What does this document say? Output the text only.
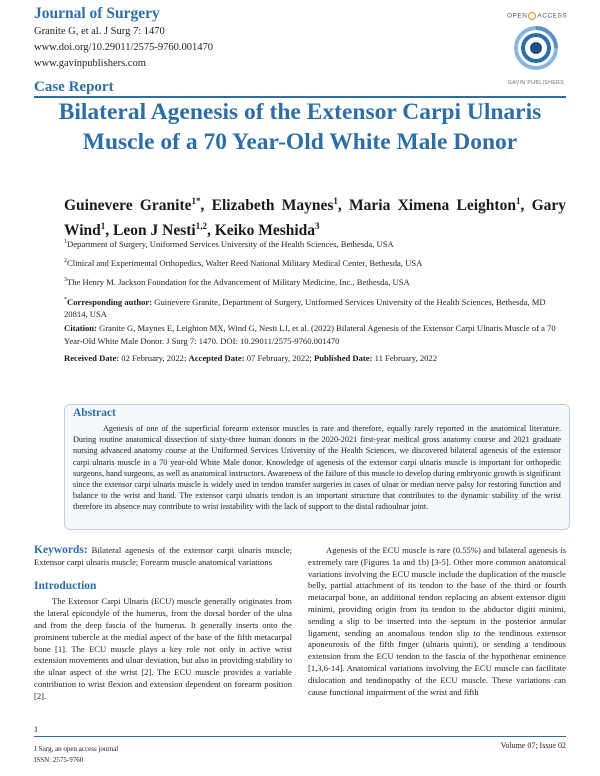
Journal of Surgery
Granite G, et al. J Surg 7: 1470
www.doi.org/10.29011/2575-9760.001470
www.gavinpublishers.com
Case Report
OPEN ACCESS
GAVIN PUBLISHERS
Bilateral Agenesis of the Extensor Carpi Ulnaris Muscle of a 70 Year-Old White Male Donor
Guinevere Granite$^{1*}$, Elizabeth Maynes$^1$, Maria Ximena Leighton$^1$, Gary Wind$^1$, Leon J Nesti$^{1,2}$, Keiko Meshida$^3$
$^1$Department of Surgery, Uniformed Services University of the Health Sciences, Bethesda, USA
$^2$Clinical and Experimental Orthopedics, Walter Reed National Military Medical Center, Bethesda, USA
$^3$The Henry M. Jackson Foundation for the Advancement of Military Medicine, Inc., Bethesda, USA
*Corresponding author: Guinevere Granite, Department of Surgery, Uniformed Services University of the Health Sciences, Bethesda, MD 20814, USA
Citation: Granite G, Maynes E, Leighton MX, Wind G, Nesti LJ, et al. (2022) Bilateral Agenesis of the Extensor Carpi Ulnaris Muscle of a 70 Year-Old White Male Donor. J Surg 7: 1470. DOI: 10.29011/2575-9760.001470
Received Date: 02 February, 2022; Accepted Date: 07 February, 2022; Published Date: 11 February, 2022
Abstract
Agenesis of one of the superficial forearm extensor muscles is rare and therefore, equally rarely reported in the anatomical literature. During routine anatomical dissection of sixty-three human donors in the 2020-2021 first-year medical gross anatomy course and 2021 graduate nursing advanced anatomy course at the Uniformed Services University of the Health Sciences, we discovered bilateral agenesis of the extensor carpi ulnaris muscle in a 70 year-old White Male donor. Knowledge of agenesis of the extensor carpi ulnaris muscle is important for orthopedic surgeons, hand surgeons, as well as anatomical instructors. Awareness of the failure of this muscle to develop during embryonic growth is significant since the extensor carpi ulnaris muscle is widely used in tendon transfer surgeries in cases of ulnar or median nerve palsy for restoring function and balance to the wrist and hand. The extensor carpi ulnaris tendon is an important structure that contributes to the dynamic stability of the wrist therefore its absence may contribute to wrist instability with the lack of support to the distal radioulnar joint.

Keywords: Bilateral agenesis of the extensor carpi ulnaris muscle; Extensor carpi ulnaris muscle; Forearm muscle anatomical variations

Introduction

The Extensor Carpi Ulnaris (ECU) muscle generally originates from the lateral epicondyle of the humerus, from the dorsal border of the ulna and from the deep fascia of the humerus. It generally inserts onto the prominent tubercle at the medial aspect of the base of the fifth metacarpal bone [1]. The ECU muscle plays a key role not only in active wrist extension movements and ulnar deviation, but also in providing stability to the ulnar aspect of the wrist [2]. The ECU muscle provides a variable contribution to wrist flexion and extension dependent on forearm position [2].

Agenesis of the ECU muscle is rare (0.55%) and bilateral agenesis is extremely rare (Figures 1a and 1b) [3-5]. Other more common anatomical variations involving the ECU muscle include the duplication of the muscle belly, partial attachment of its tendon to the base of the third or fourth metacarpal bone, an additional tendon replacing an absent extensor digiti minimi, providing origin from its tendon to the abductor digiti minimi, sending a slip to be inserted into the septum in the posterior annular ligament, sending an anomalous tendon slip to the tendinous extensor aponeurosis of the fifth finger (ulnaris quinti), or sending a tendinous extension from the ECU tendon to the fascia of the hypothenar eminence [1,3,6-14]. Anatomical variations involving the ECU muscle can facilitate dislocation and tendinopathy of the ECU muscle. These variations can cause functional impairment of the wrist and fifth

1
Volume 07; Issue 02
J Surg, an open access journal
ISSN: 2575-9760
